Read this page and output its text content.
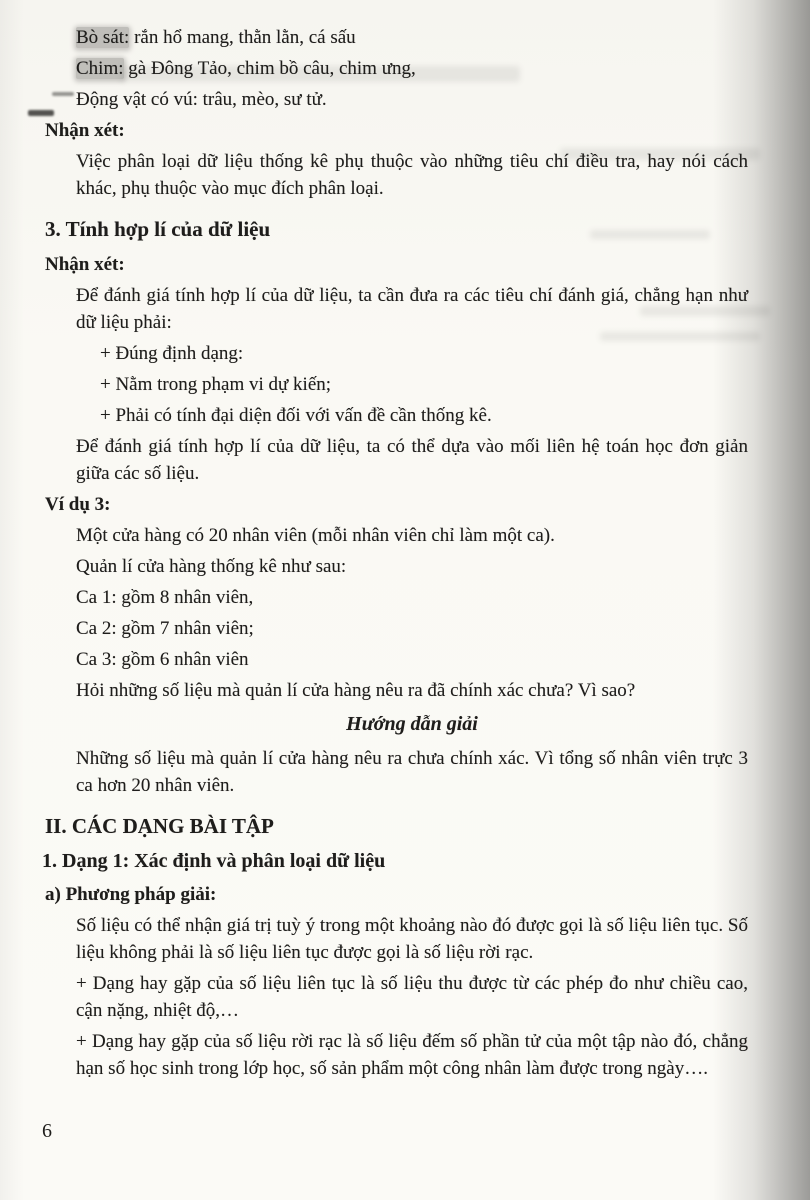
Bò sát: rắn hổ mang, thằn lằn, cá sấu
Chim: gà Đông Tảo, chim bồ câu, chim ưng,
Động vật có vú: trâu, mèo, sư tử.
Nhận xét:
Việc phân loại dữ liệu thống kê phụ thuộc vào những tiêu chí điều tra, hay nói cách khác, phụ thuộc vào mục đích phân loại.
3. Tính hợp lí của dữ liệu
Nhận xét:
Để đánh giá tính hợp lí của dữ liệu, ta cần đưa ra các tiêu chí đánh giá, chẳng hạn như dữ liệu phải:
+ Đúng định dạng:
+ Nằm trong phạm vi dự kiến;
+ Phải có tính đại diện đối với vấn đề cần thống kê.
Để đánh giá tính hợp lí của dữ liệu, ta có thể dựa vào mối liên hệ toán học đơn giản giữa các số liệu.
Ví dụ 3:
Một cửa hàng có 20 nhân viên (mỗi nhân viên chỉ làm một ca).
Quản lí cửa hàng thống kê như sau:
Ca 1: gồm 8 nhân viên,
Ca 2: gồm 7 nhân viên;
Ca 3: gồm 6 nhân viên
Hỏi những số liệu mà quản lí cửa hàng nêu ra đã chính xác chưa? Vì sao?
Hướng dẫn giải
Những số liệu mà quản lí cửa hàng nêu ra chưa chính xác. Vì tổng số nhân viên trực 3 ca hơn 20 nhân viên.
II. CÁC DẠNG BÀI TẬP
1. Dạng 1: Xác định và phân loại dữ liệu
a) Phương pháp giải:
Số liệu có thể nhận giá trị tuỳ ý trong một khoảng nào đó được gọi là số liệu liên tục. Số liệu không phải là số liệu liên tục được gọi là số liệu rời rạc.
+ Dạng hay gặp của số liệu liên tục là số liệu thu được từ các phép đo như chiều cao, cận nặng, nhiệt độ,…
+ Dạng hay gặp của số liệu rời rạc là số liệu đếm số phần tử của một tập nào đó, chẳng hạn số học sinh trong lớp học, số sản phẩm một công nhân làm được trong ngày….
6
